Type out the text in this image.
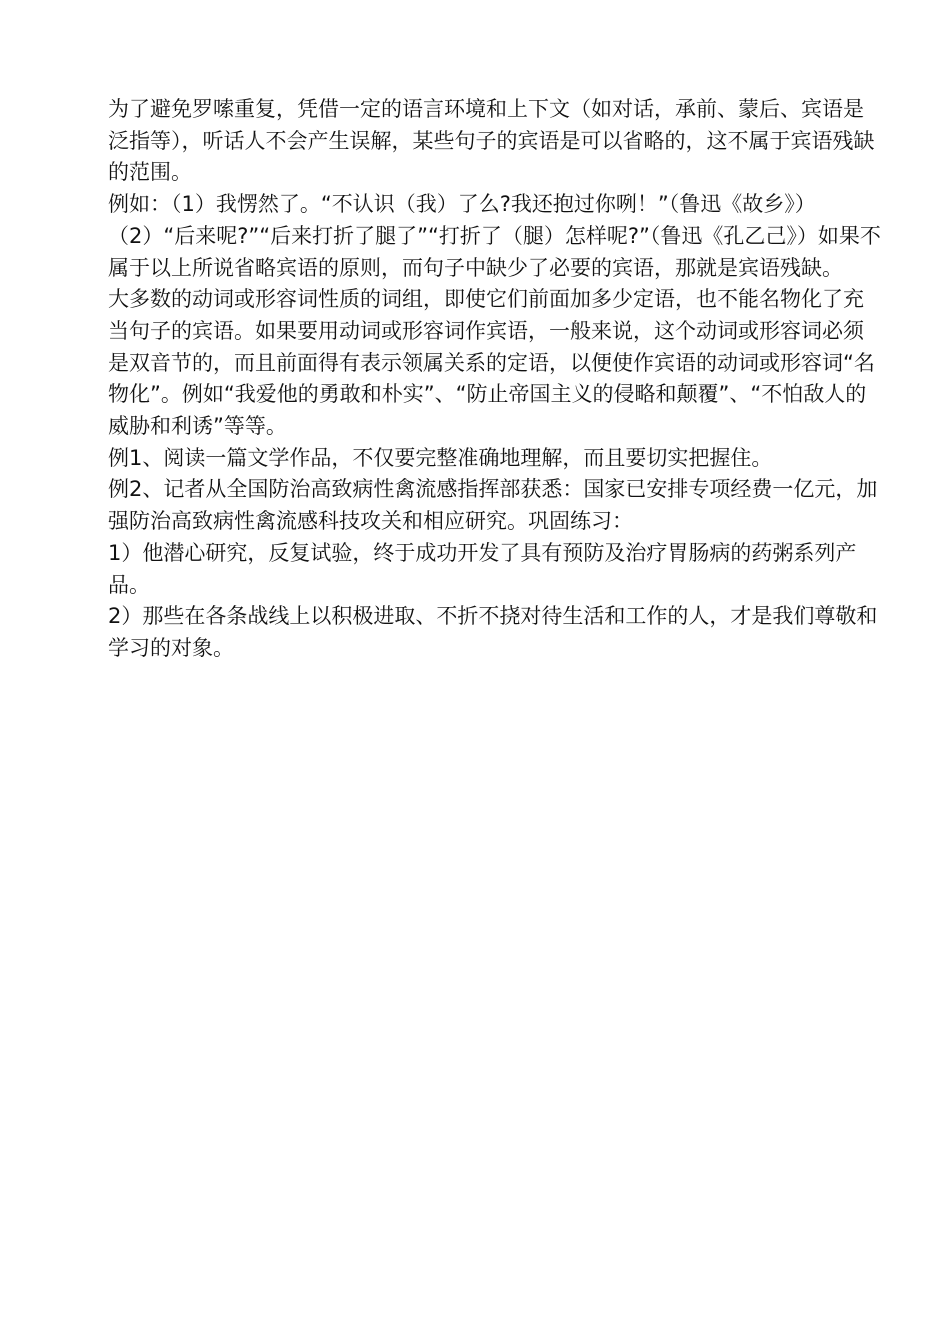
为了避免罗嗦重复，凭借一定的语言环境和上下文（如对话，承前、蒙后、宾语是泛指等），听话人不会产生误解，某些句子的宾语是可以省略的，这不属于宾语残缺的范围。

例如：（1）我愣然了。“不认识（我）了么?我还抱过你咧！”（鲁迅《故乡》）（2）“后来呢?”“后来打折了腿了”“打折了（腿）怎样呢?”（鲁迅《孔乙己》）如果不属于以上所说省略宾语的原则，而句子中缺少了必要的宾语，那就是宾语残缺。

大多数的动词或形容词性质的词组，即使它们前面加多少定语，也不能名物化了充当句子的宾语。如果要用动词或形容词作宾语，一般来说，这个动词或形容词必须是双音节的，而且前面得有表示领属关系的定语，以便使作宾语的动词或形容词“名物化”。例如“我爱他的勇敢和朴实”、“防止帝国主义的侵略和颠覆”、“不怕敌人的威胁和利诱”等等。

例1、阅读一篇文学作品，不仅要完整准确地理解，而且要切实把握住。

例2、记者从全国防治高致病性禽流感指挥部获悉：国家已安排专项经费一亿元，加强防治高致病性禽流感科技攻关和相应研究。巩固练习：

1）他潜心研究，反复试验，终于成功开发了具有预防及治疗胃肠病的药粥系列产品。

2）那些在各条战线上以积极进取、不折不挠对待生活和工作的人，才是我们尊敬和学习的对象。
